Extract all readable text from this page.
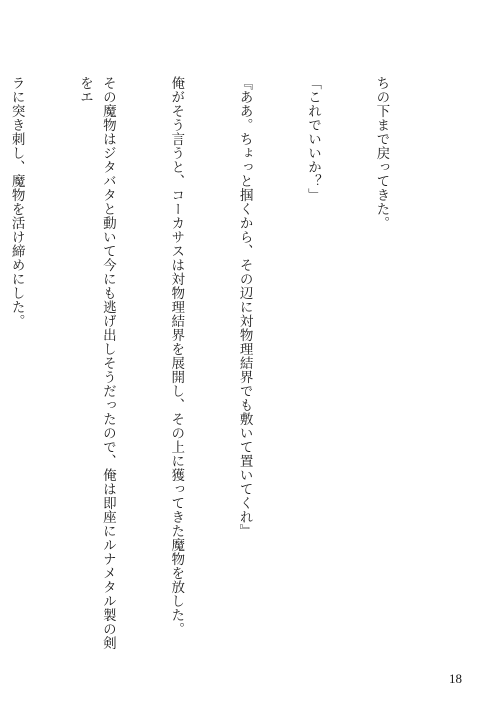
ちの下まで戻ってきた。

「これでいいか？」

『ああ。ちょっと掴くから、その辺に対物理結界でも敷いて置いてくれ』

俺がそう言うと、コーカサスは対物理結界を展開し、その上に獲ってきた魔物を放した。

その魔物はジタバタと動いて今にも逃げ出しそうだったので、俺は即座にルナメタル製の剣をエ

ラに突き刺し、魔物を活け締めにした。

18
